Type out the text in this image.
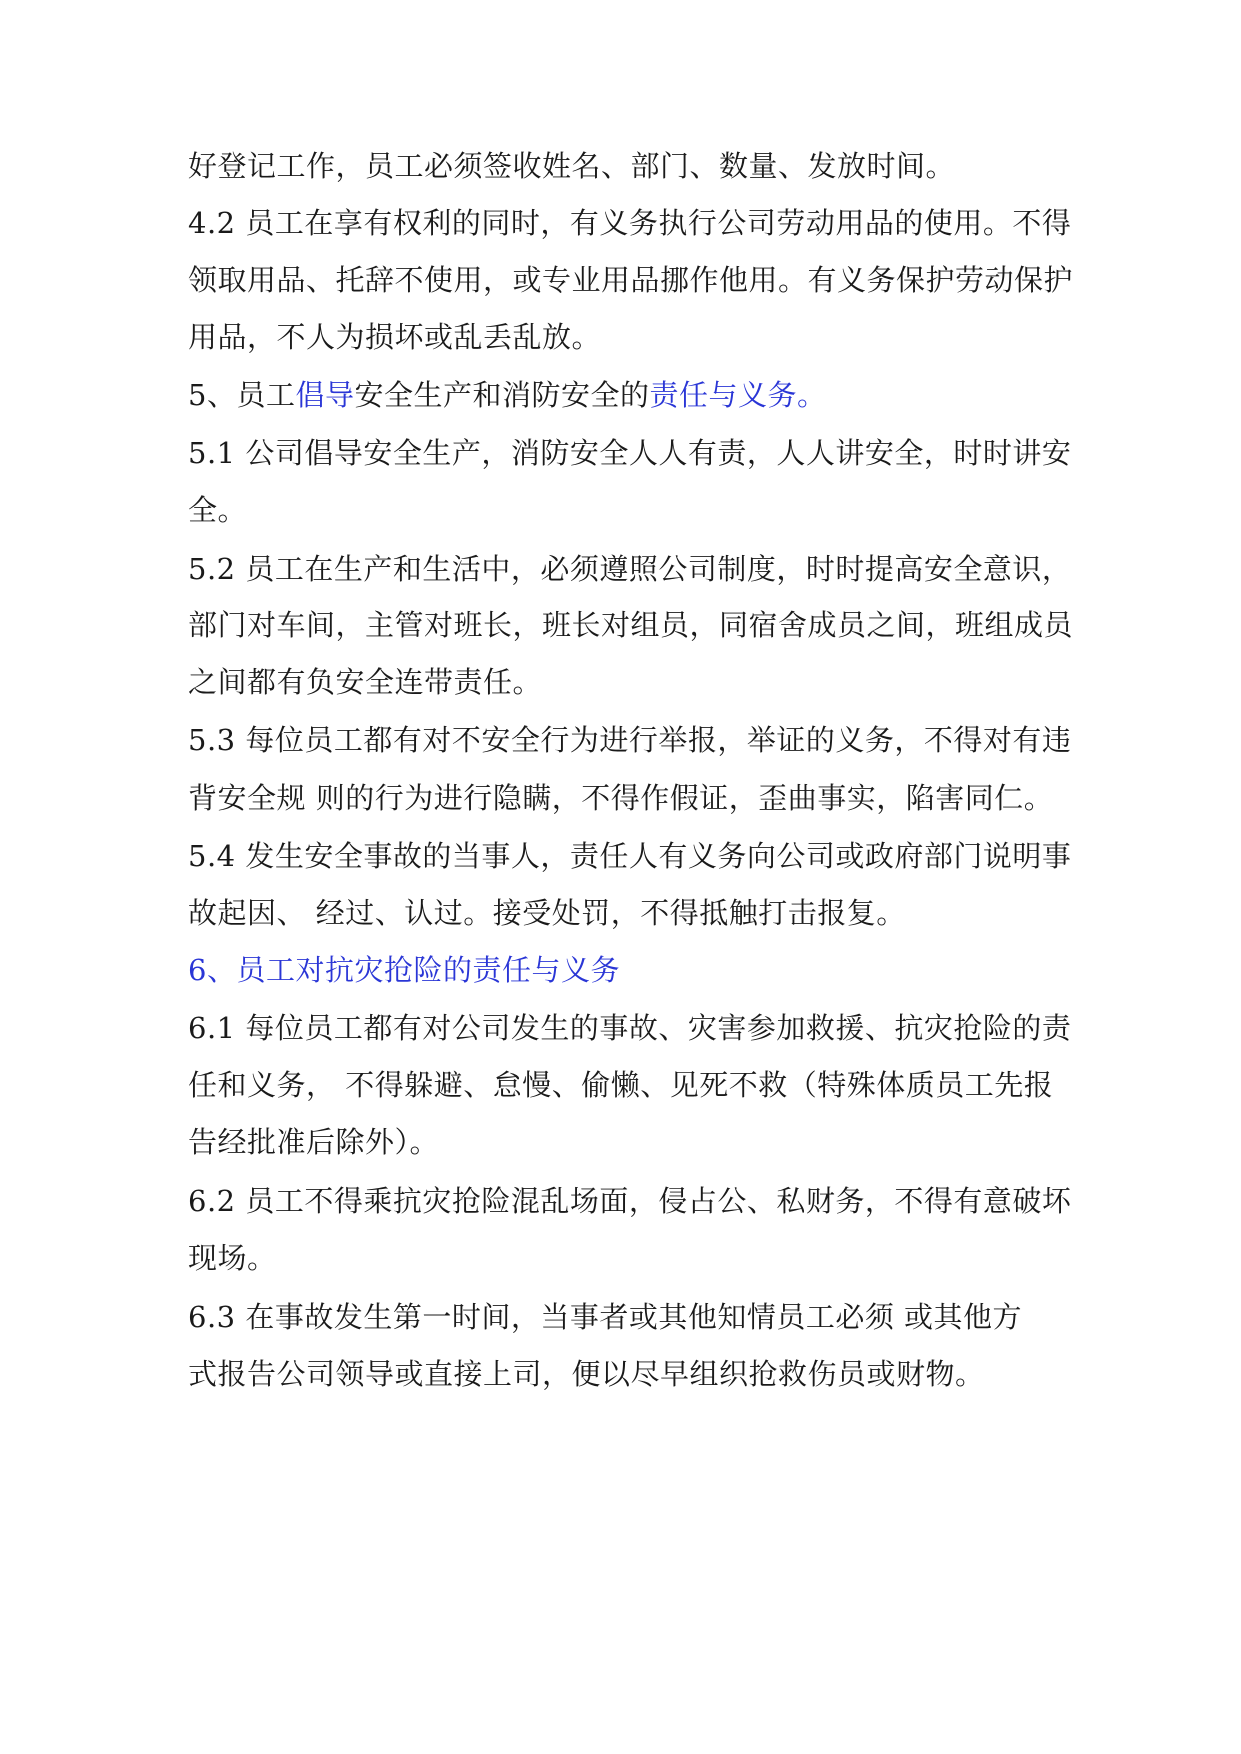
好登记工作，员工必须签收姓名、部门、数量、发放时间。
4.2 员工在享有权利的同时，有义务执行公司劳动用品的使用。不得
领取用品、托辞不使用，或专业用品挪作他用。有义务保护劳动保护
用品，不人为损坏或乱丢乱放。
5、员工倡导安全生产和消防安全的责任与义务。
5.1 公司倡导安全生产，消防安全人人有责，人人讲安全，时时讲安
全。
5.2 员工在生产和生活中，必须遵照公司制度，时时提高安全意识，
部门对车间，主管对班长，班长对组员，同宿舍成员之间，班组成员
之间都有负安全连带责任。
5.3 每位员工都有对不安全行为进行举报，举证的义务，不得对有违
背安全规 则的行为进行隐瞒，不得作假证，歪曲事实，陷害同仁。
5.4 发生安全事故的当事人，责任人有义务向公司或政府部门说明事
故起因、 经过、认过。接受处罚，不得抵触打击报复。
6、员工对抗灾抢险的责任与义务
6.1 每位员工都有对公司发生的事故、灾害参加救援、抗灾抢险的责
任和义务， 不得躲避、怠慢、偷懒、见死不救（特殊体质员工先报
告经批准后除外）。
6.2 员工不得乘抗灾抢险混乱场面，侵占公、私财务，不得有意破坏
现场。
6.3 在事故发生第一时间，当事者或其他知情员工必须 或其他方
式报告公司领导或直接上司，便以尽早组织抢救伤员或财物。
